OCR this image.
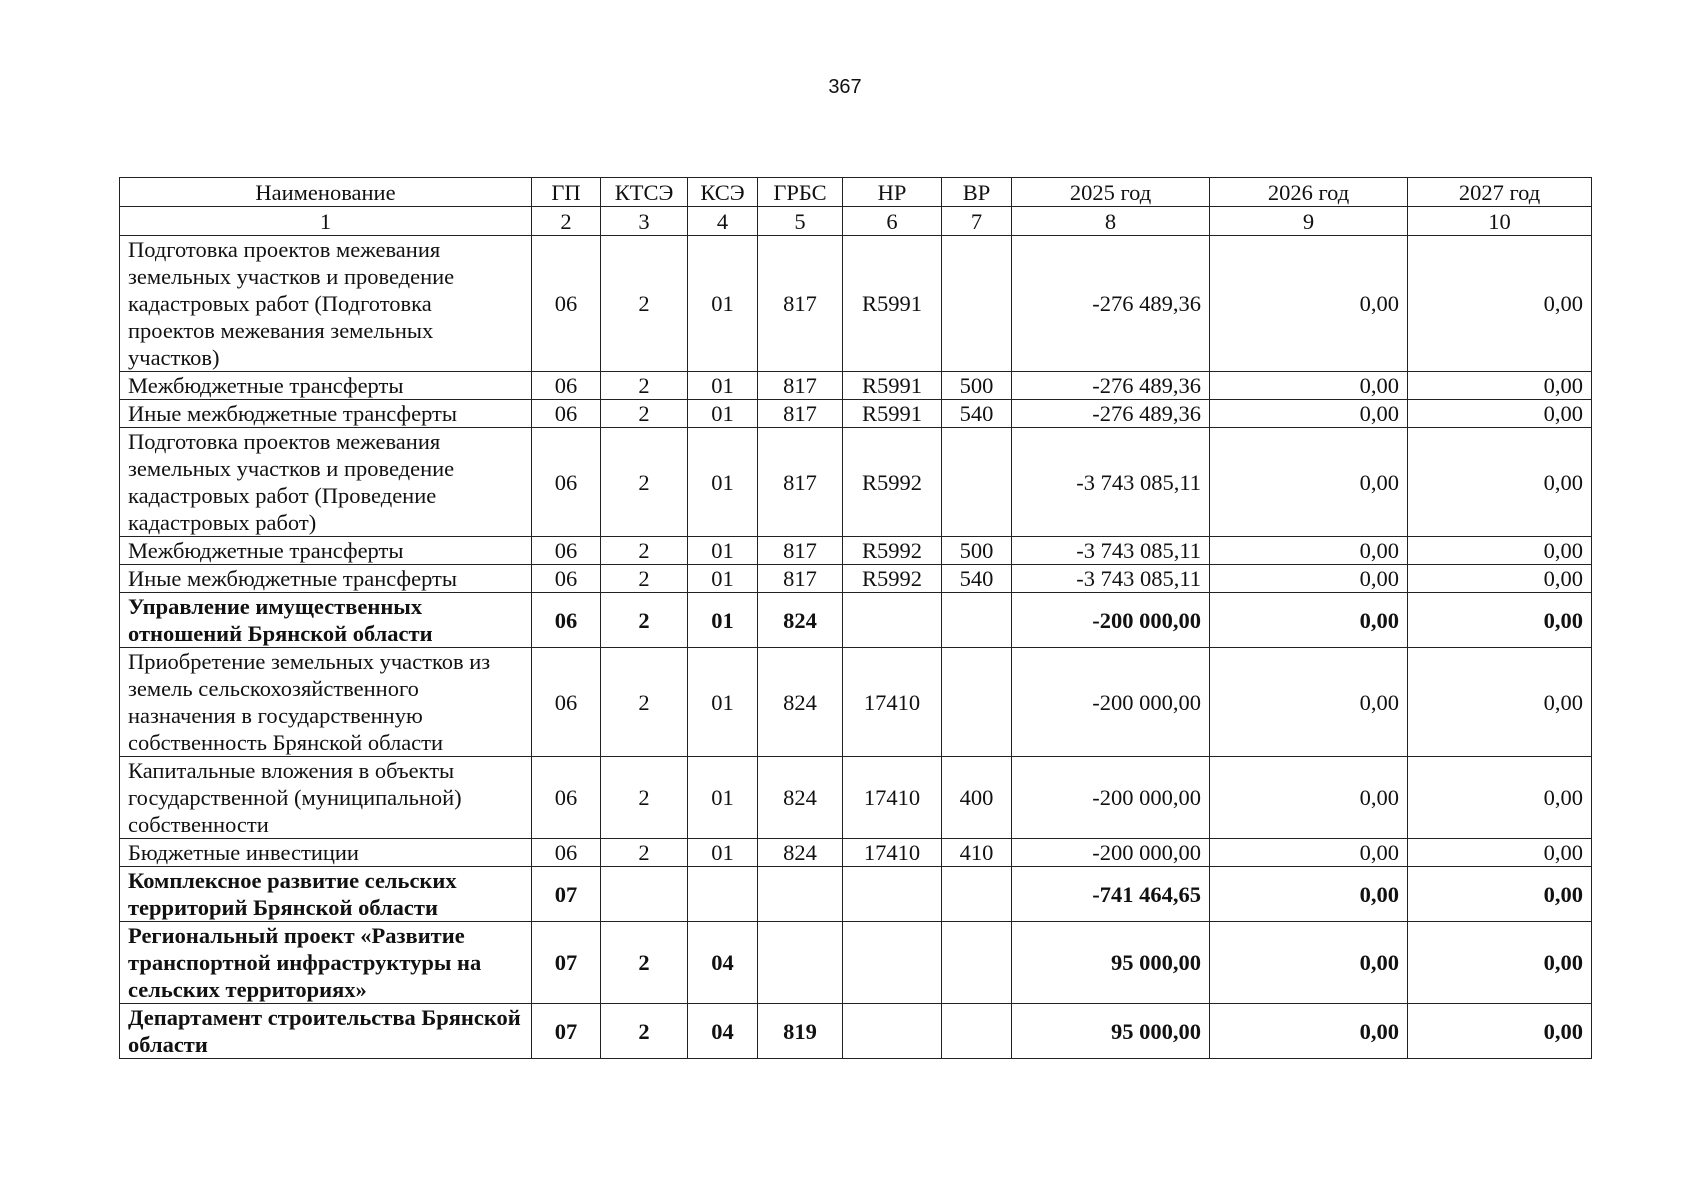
367
Наименование	ГП	КТСЭ	КСЭ	ГРБС	НР	ВР	2025 год	2026 год	2027 год
1	2	3	4	5	6	7	8	9	10
Подготовка проектов межевания земельных участков и проведение кадастровых работ (Подготовка проектов межевания земельных участков)	06	2	01	817	R5991		-276 489,36	0,00	0,00
Межбюджетные трансферты	06	2	01	817	R5991	500	-276 489,36	0,00	0,00
Иные межбюджетные трансферты	06	2	01	817	R5991	540	-276 489,36	0,00	0,00
Подготовка проектов межевания земельных участков и проведение кадастровых работ (Проведение кадастровых работ)	06	2	01	817	R5992		-3 743 085,11	0,00	0,00
Межбюджетные трансферты	06	2	01	817	R5992	500	-3 743 085,11	0,00	0,00
Иные межбюджетные трансферты	06	2	01	817	R5992	540	-3 743 085,11	0,00	0,00
Управление имущественных отношений Брянской области	06	2	01	824			-200 000,00	0,00	0,00
Приобретение земельных участков из земель сельскохозяйственного назначения в государственную собственность Брянской области	06	2	01	824	17410		-200 000,00	0,00	0,00
Капитальные вложения в объекты государственной (муниципальной) собственности	06	2	01	824	17410	400	-200 000,00	0,00	0,00
Бюджетные инвестиции	06	2	01	824	17410	410	-200 000,00	0,00	0,00
Комплексное развитие сельских территорий Брянской области	07						-741 464,65	0,00	0,00
Региональный проект «Развитие транспортной инфраструктуры на сельских территориях»	07	2	04				95 000,00	0,00	0,00
Департамент строительства Брянской области	07	2	04	819			95 000,00	0,00	0,00
